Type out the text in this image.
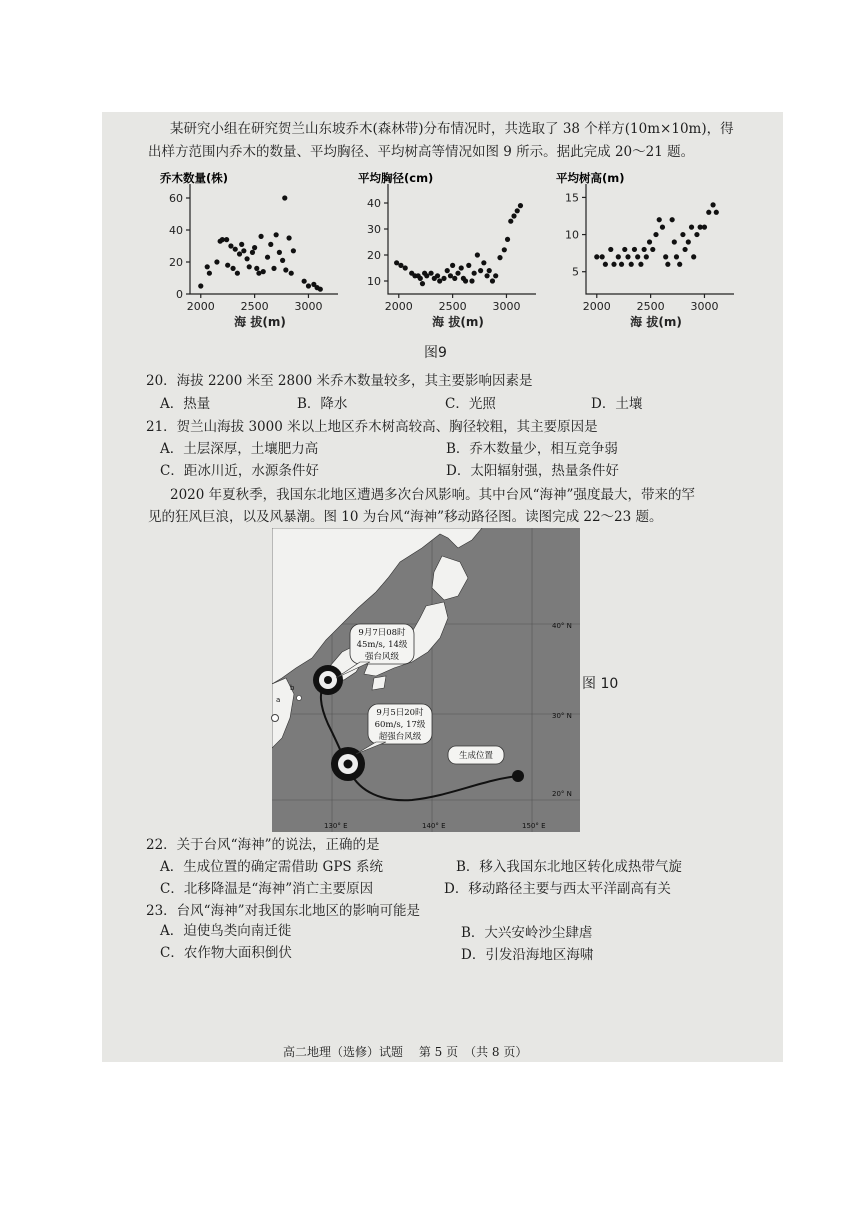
某研究小组在研究贺兰山东坡乔木(森林带)分布情况时，共选取了 38 个样方(10m×10m)，得
出样方范围内乔木的数量、平均胸径、平均树高等情况如图 9 所示。据此完成 20～21 题。
乔木数量(株)
0
20
40
60
2000 2500 3000
海 拔(m)
平均胸径(cm)
10
20
30
40
2000 2500 3000
海 拔(m)
平均树高(m)
5
10
15
2000 2500 3000
海 拔(m)
图9
20．海拔 2200 米至 2800 米乔木数量较多，其主要影响因素是
A．热量	B．降水	C．光照	D．土壤
21．贺兰山海拔 3000 米以上地区乔木树高较高、胸径较粗，其主要原因是
A．土层深厚，土壤肥力高	B．乔木数量少，相互竞争弱
C．距冰川近，水源条件好	D．太阳辐射强，热量条件好
2020 年夏秋季，我国东北地区遭遇多次台风影响。其中台风“海神”强度最大，带来的罕
见的狂风巨浪，以及风暴潮。图 10 为台风“海神”移动路径图。读图完成 22～23 题。
9月7日08时
45m/s, 14级
强台风级
9月5日20时
60m/s, 17级
超强台风级
生成位置
b
a
40° N
30° N
20° N
130° E	140° E	150° E
图 10
22．关于台风“海神”的说法，正确的是
A．生成位置的确定需借助 GPS 系统	B．移入我国东北地区转化成热带气旋
C．北移降温是“海神”消亡主要原因	D．移动路径主要与西太平洋副高有关
23．台风“海神”对我国东北地区的影响可能是
A．迫使鸟类向南迁徙	B．大兴安岭沙尘肆虐
C．农作物大面积倒伏	D．引发沿海地区海啸
高二地理（选修）试题　 第 5 页　（共 8 页）
